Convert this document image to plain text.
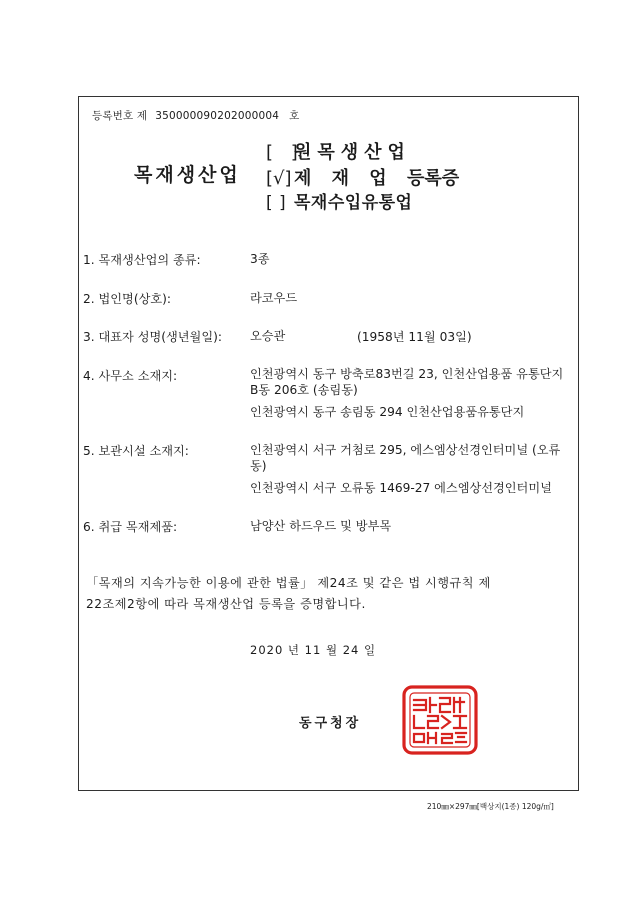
등록번호 제 350000090202000004 호
목재생산업
[ ]원목생산업
[√] 제 재 업 등록증
[ ] 목재수입유통업
1. 목재생산업의 종류:	3종
2. 법인명(상호):	라코우드
3. 대표자 성명(생년월일): 오승관	(1958년 11월 03일)
4. 사무소 소재지:	인천광역시 동구 방축로83번길 23, 인천산업용품 유통단지 B동 206호 (송림동)
인천광역시 동구 송림동 294 인천산업용품유통단지
5. 보관시설 소재지:	인천광역시 서구 거첨로 295, 에스엠상선경인터미널 (오류동)
인천광역시 서구 오류동 1469-27 에스엠상선경인터미널
6. 취급 목재제품:	남양산 하드우드 및 방부목
「목재의 지속가능한 이용에 관한 법률」 제24조 및 같은 법 시행규칙 제
22조제2항에 따라 목재생산업 등록을 증명합니다.
2020 년 11 월 24 일
동구청장
210㎜×297㎜[백상지(1종) 120g/㎡]
